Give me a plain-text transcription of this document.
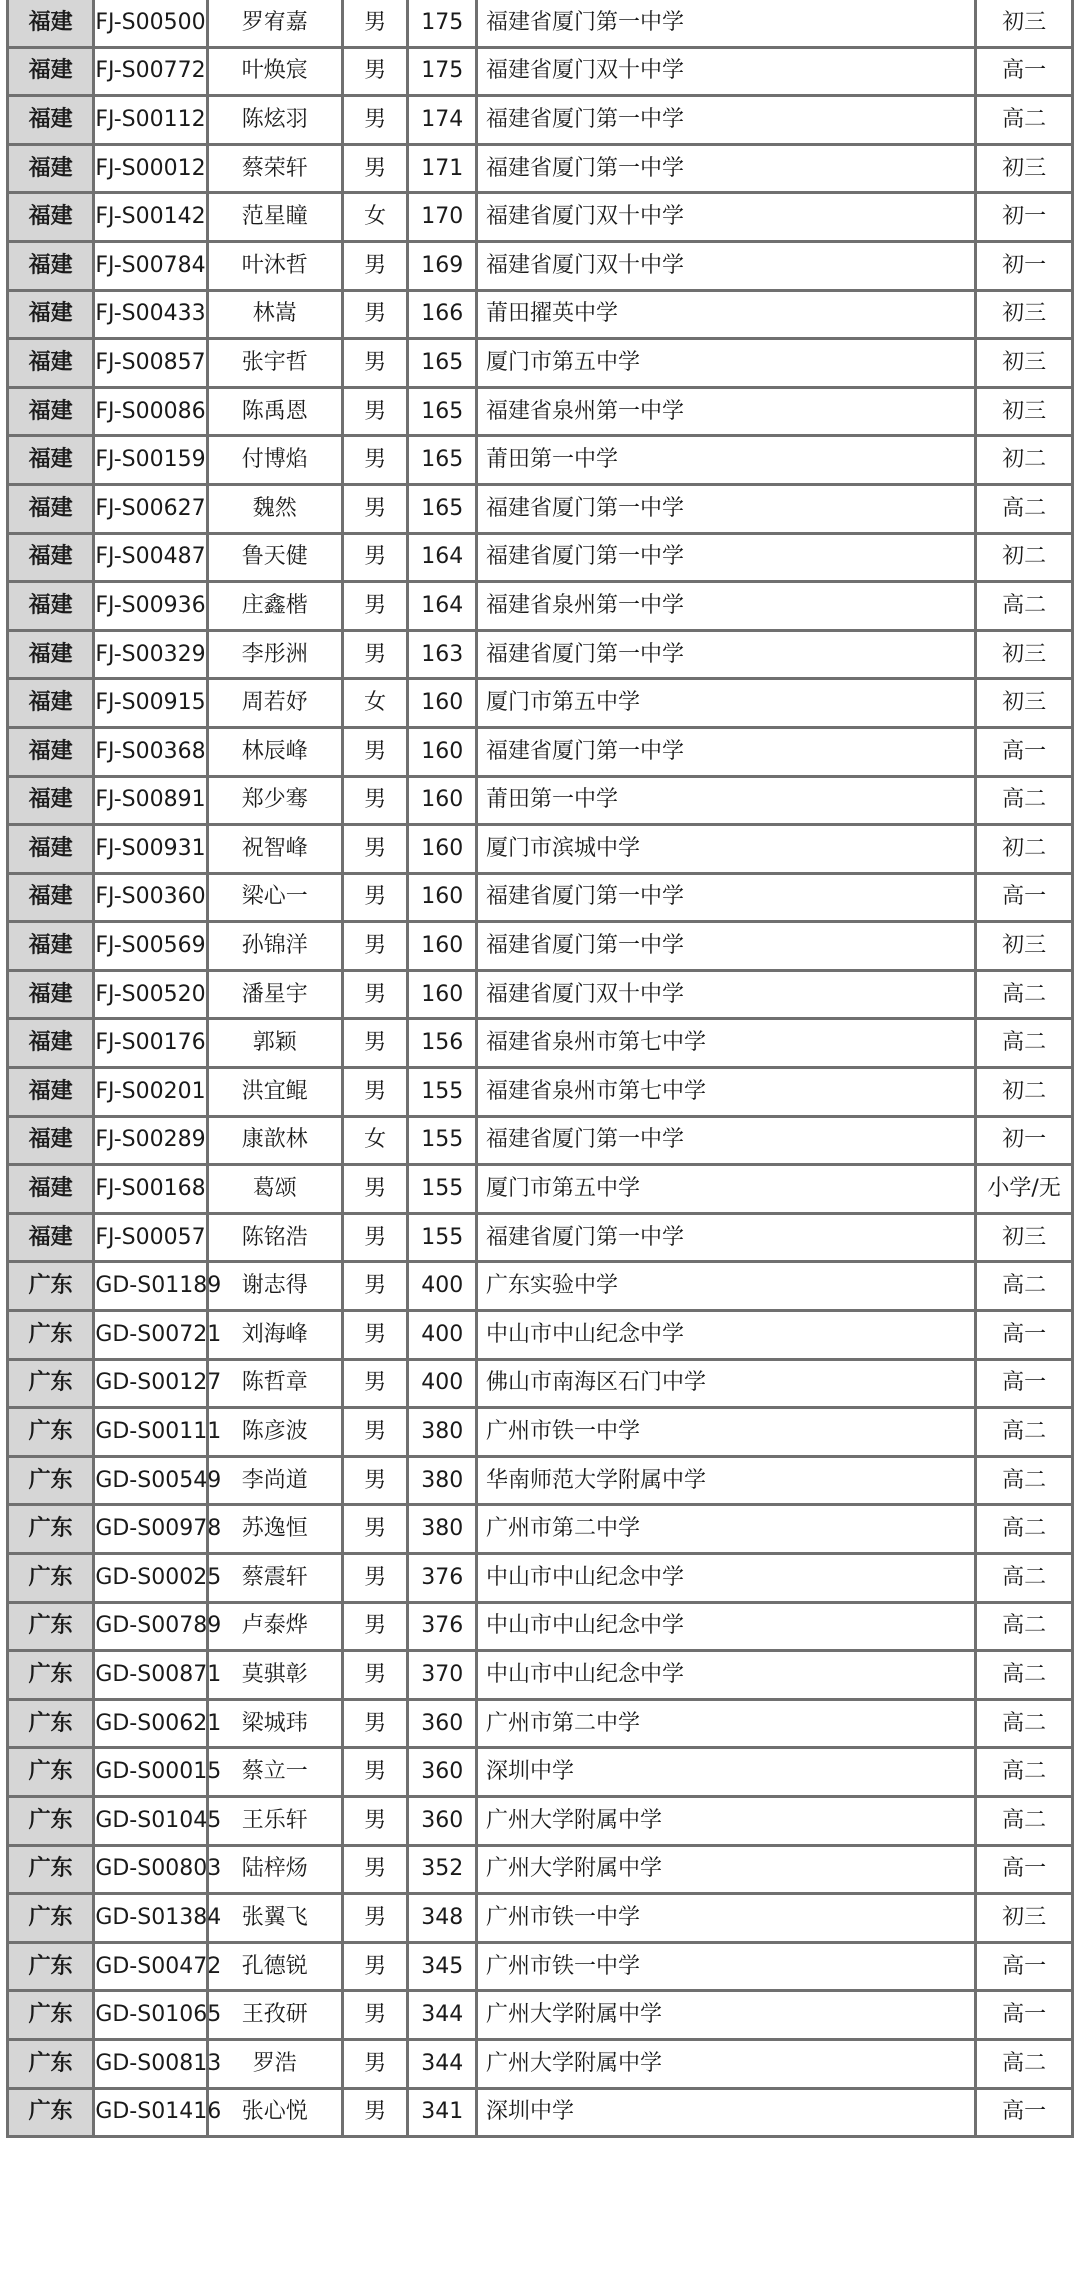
福建	FJ-S00500	罗宥嘉	男	175	福建省厦门第一中学	初三
福建	FJ-S00772	叶焕宸	男	175	福建省厦门双十中学	高一
福建	FJ-S00112	陈炫羽	男	174	福建省厦门第一中学	高二
福建	FJ-S00012	蔡荣轩	男	171	福建省厦门第一中学	初三
福建	FJ-S00142	范星瞳	女	170	福建省厦门双十中学	初一
福建	FJ-S00784	叶沐哲	男	169	福建省厦门双十中学	初一
福建	FJ-S00433	林嵩	男	166	莆田擢英中学	初三
福建	FJ-S00857	张宇哲	男	165	厦门市第五中学	初三
福建	FJ-S00086	陈禹恩	男	165	福建省泉州第一中学	初三
福建	FJ-S00159	付博焰	男	165	莆田第一中学	初二
福建	FJ-S00627	魏然	男	165	福建省厦门第一中学	高二
福建	FJ-S00487	鲁天健	男	164	福建省厦门第一中学	初二
福建	FJ-S00936	庄鑫楷	男	164	福建省泉州第一中学	高二
福建	FJ-S00329	李彤洲	男	163	福建省厦门第一中学	初三
福建	FJ-S00915	周若妤	女	160	厦门市第五中学	初三
福建	FJ-S00368	林辰峰	男	160	福建省厦门第一中学	高一
福建	FJ-S00891	郑少骞	男	160	莆田第一中学	高二
福建	FJ-S00931	祝智峰	男	160	厦门市滨城中学	初二
福建	FJ-S00360	梁心一	男	160	福建省厦门第一中学	高一
福建	FJ-S00569	孙锦洋	男	160	福建省厦门第一中学	初三
福建	FJ-S00520	潘星宇	男	160	福建省厦门双十中学	高二
福建	FJ-S00176	郭颖	男	156	福建省泉州市第七中学	高二
福建	FJ-S00201	洪宜鲲	男	155	福建省泉州市第七中学	初二
福建	FJ-S00289	康歆林	女	155	福建省厦门第一中学	初一
福建	FJ-S00168	葛颂	男	155	厦门市第五中学	小学/无
福建	FJ-S00057	陈铭浩	男	155	福建省厦门第一中学	初三
广东	GD-S01189	谢志得	男	400	广东实验中学	高二
广东	GD-S00721	刘海峰	男	400	中山市中山纪念中学	高一
广东	GD-S00127	陈哲章	男	400	佛山市南海区石门中学	高一
广东	GD-S00111	陈彦波	男	380	广州市铁一中学	高二
广东	GD-S00549	李尚道	男	380	华南师范大学附属中学	高二
广东	GD-S00978	苏逸恒	男	380	广州市第二中学	高二
广东	GD-S00025	蔡震轩	男	376	中山市中山纪念中学	高二
广东	GD-S00789	卢泰烨	男	376	中山市中山纪念中学	高二
广东	GD-S00871	莫骐彰	男	370	中山市中山纪念中学	高二
广东	GD-S00621	梁城玮	男	360	广州市第二中学	高二
广东	GD-S00015	蔡立一	男	360	深圳中学	高二
广东	GD-S01045	王乐轩	男	360	广州大学附属中学	高二
广东	GD-S00803	陆梓炀	男	352	广州大学附属中学	高一
广东	GD-S01384	张翼飞	男	348	广州市铁一中学	初三
广东	GD-S00472	孔德锐	男	345	广州市铁一中学	高一
广东	GD-S01065	王孜研	男	344	广州大学附属中学	高一
广东	GD-S00813	罗浩	男	344	广州大学附属中学	高二
广东	GD-S01416	张心悦	男	341	深圳中学	高一
